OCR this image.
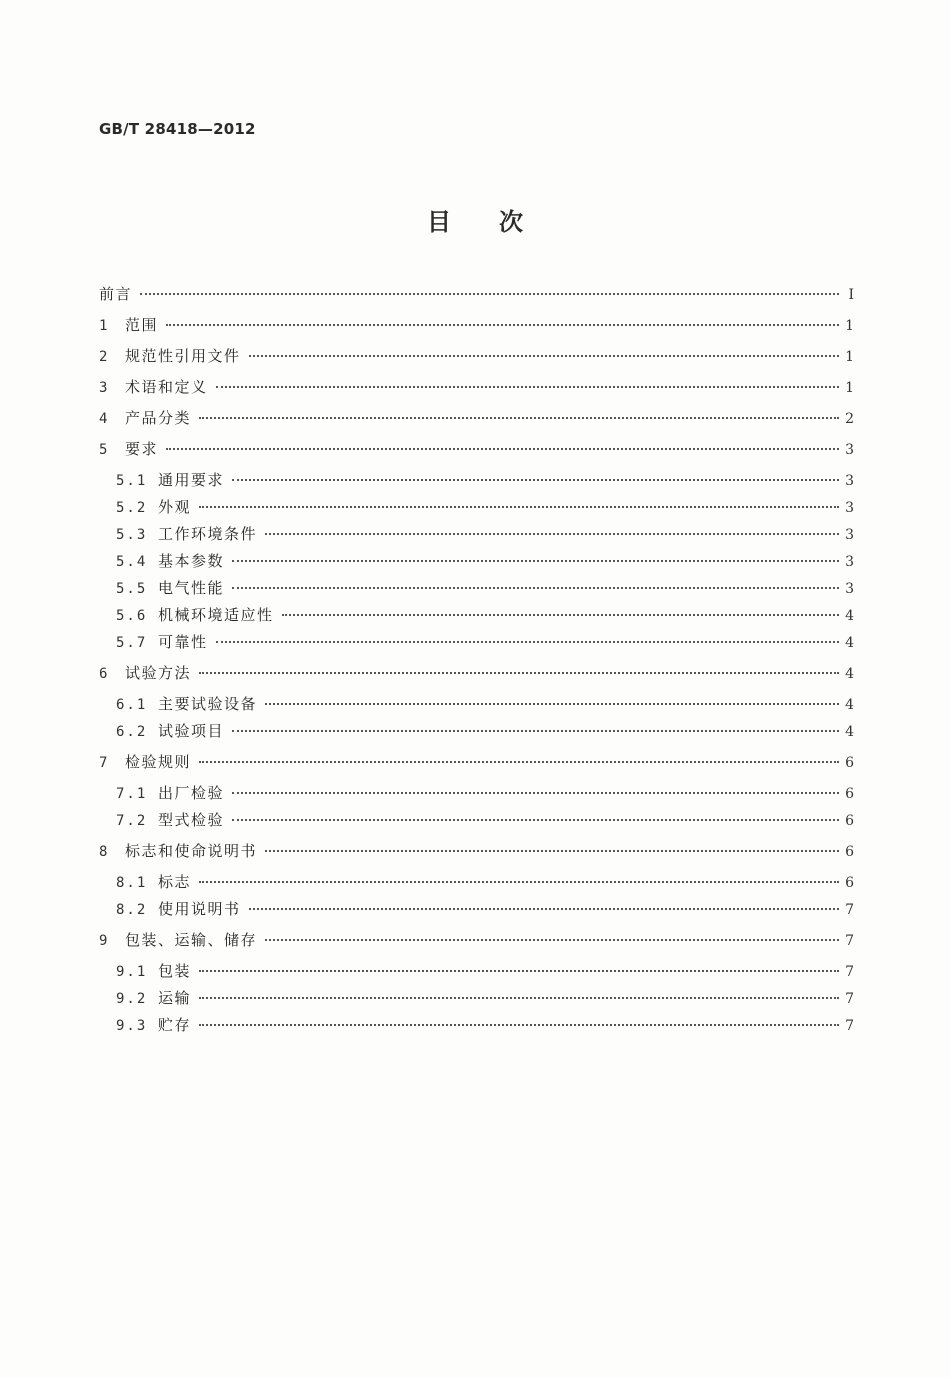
GB/T 28418—2012
目次
前言	Ⅰ
1	范围	1
2	规范性引用文件	1
3	术语和定义	1
4	产品分类	2
5	要求	3
5.1 通用要求	3
5.2 外观	3
5.3 工作环境条件	3
5.4 基本参数	3
5.5 电气性能	3
5.6 机械环境适应性	4
5.7 可靠性	4
6	试验方法	4
6.1 主要试验设备	4
6.2 试验项目	4
7	检验规则	6
7.1 出厂检验	6
7.2 型式检验	6
8	标志和使命说明书	6
8.1 标志	6
8.2 使用说明书	7
9	包装、运输、储存	7
9.1 包装	7
9.2 运输	7
9.3 贮存	7
